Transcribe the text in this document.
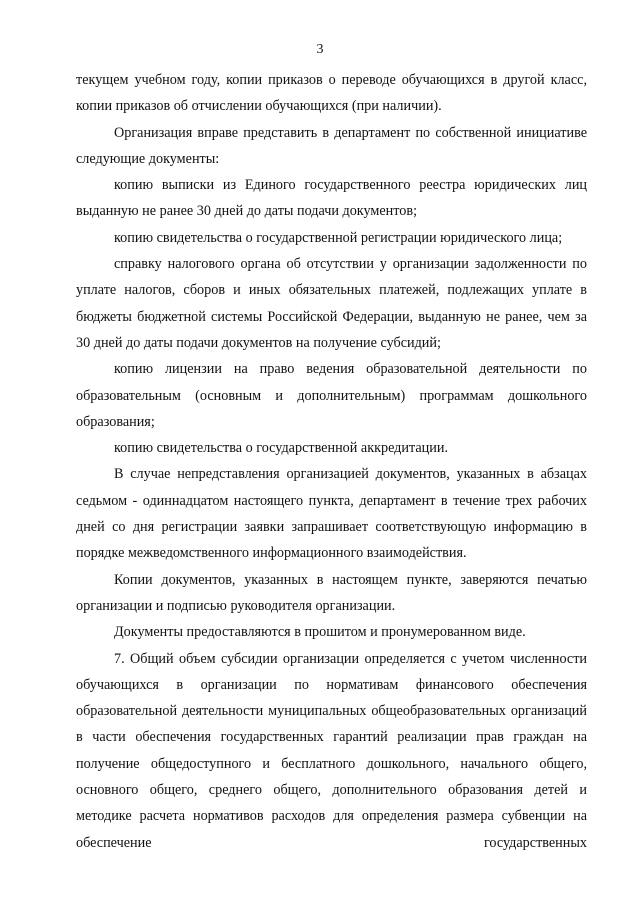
3

текущем учебном году, копии приказов о переводе обучающихся в другой класс, копии приказов об отчислении обучающихся (при наличии).

Организация вправе представить в департамент по собственной инициативе следующие документы:

копию выписки из Единого государственного реестра юридических лиц выданную не ранее 30 дней до даты подачи документов;

копию свидетельства о государственной регистрации юридического лица;

справку налогового органа об отсутствии у организации задолженности по уплате налогов, сборов и иных обязательных платежей, подлежащих уплате в бюджеты бюджетной системы Российской Федерации, выданную не ранее, чем за 30 дней до даты подачи документов на получение субсидий;

копию лицензии на право ведения образовательной деятельности по образовательным (основным и дополнительным) программам дошкольного образования;

копию свидетельства о государственной аккредитации.

В случае непредставления организацией документов, указанных в абзацах седьмом - одиннадцатом настоящего пункта, департамент в течение трех рабочих дней со дня регистрации заявки запрашивает соответствующую информацию в порядке межведомственного информационного взаимодействия.

Копии документов, указанных в настоящем пункте, заверяются печатью организации и подписью руководителя организации.

Документы предоставляются в прошитом и пронумерованном виде.

7. Общий объем субсидии организации определяется с учетом численности обучающихся в организации по нормативам финансового обеспечения образовательной деятельности муниципальных общеобразовательных организаций в части обеспечения государственных гарантий реализации прав граждан на получение общедоступного и бесплатного дошкольного, начального общего, основного общего, среднего общего, дополнительного образования детей и методике расчета нормативов расходов для определения размера субвенции на обеспечение государственных
